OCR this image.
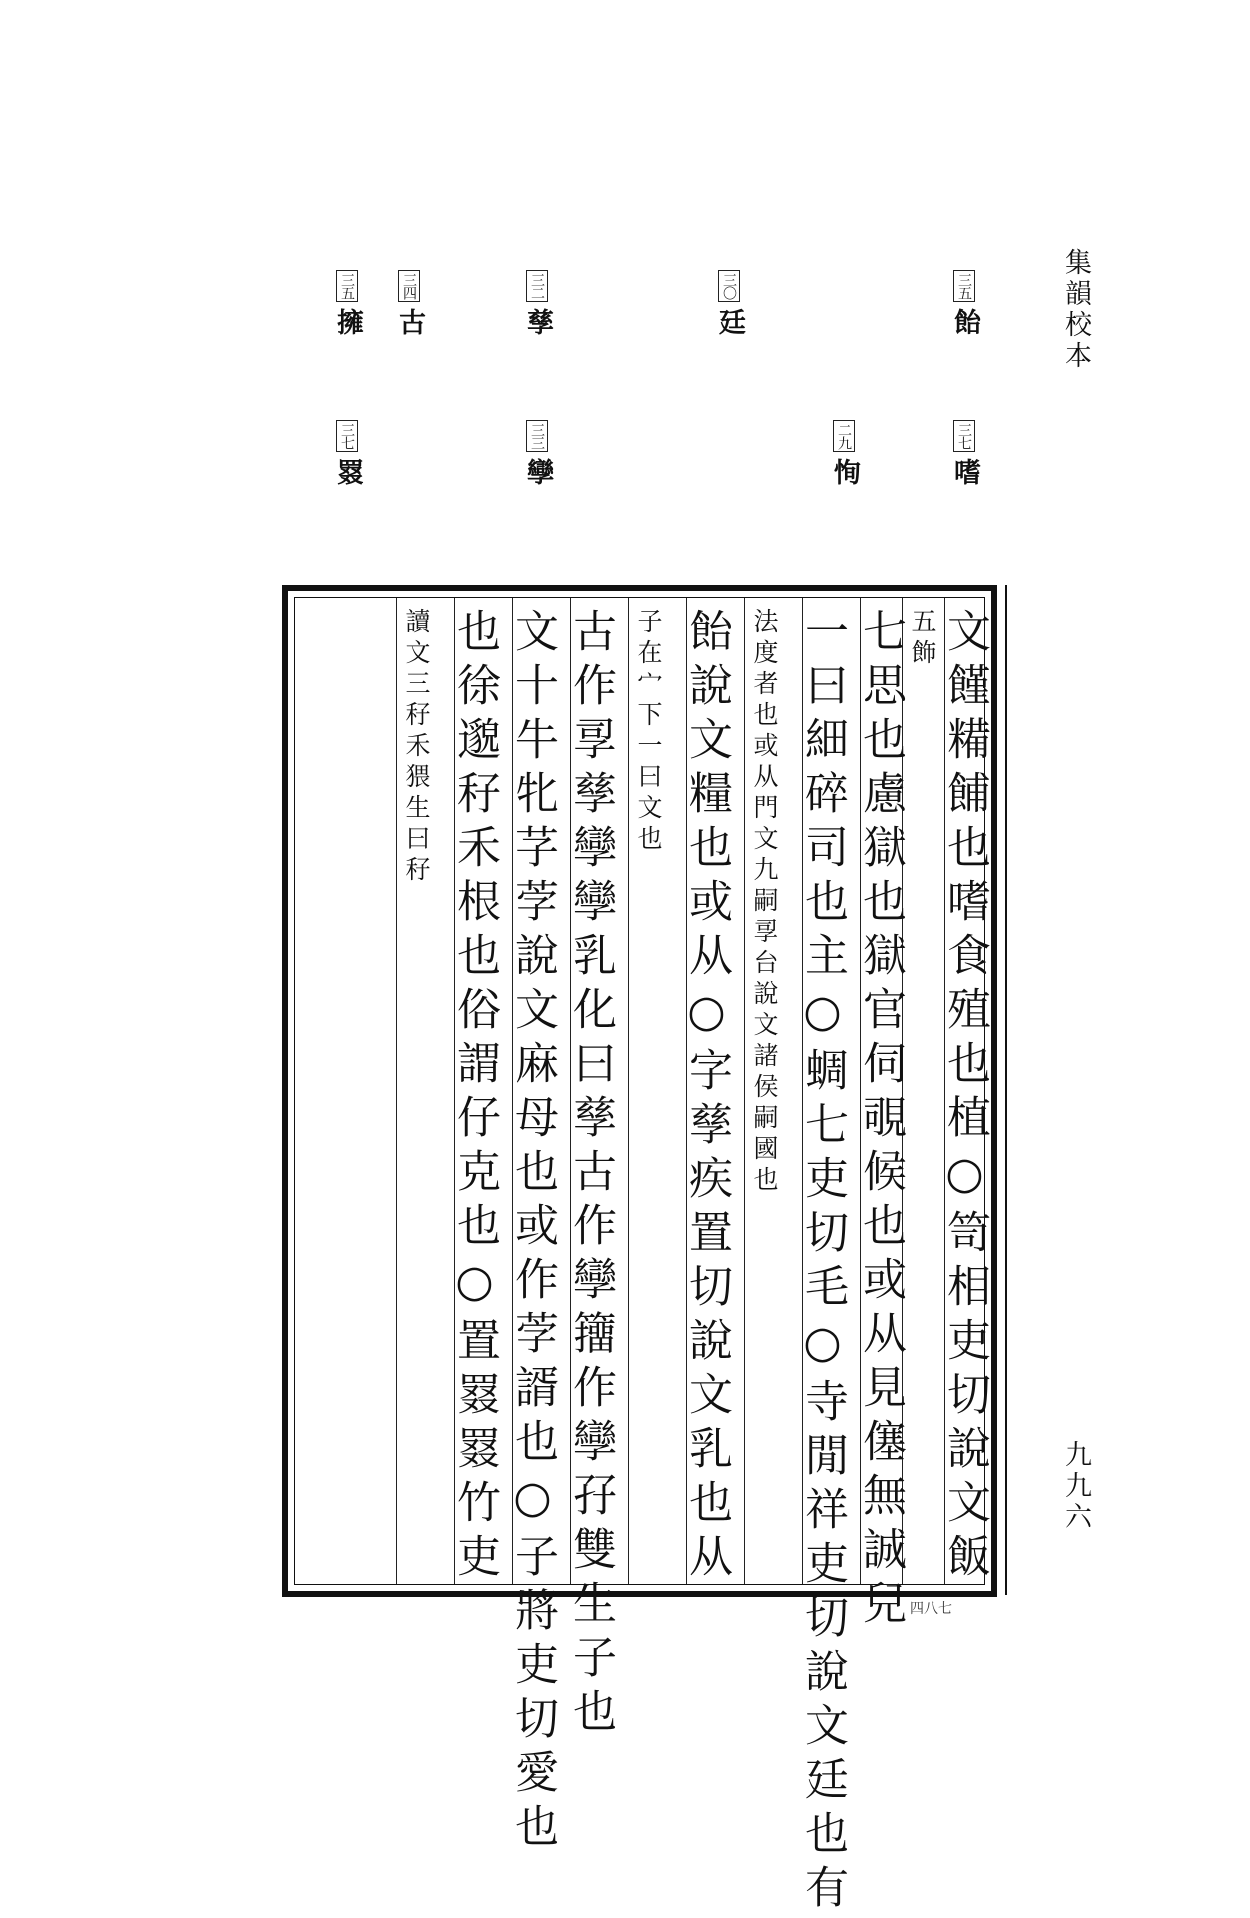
集韻校本
九九六
三五飴
三七嗜
二九恂
三〇廷
三二孳
三三孿
三四古
三五擁
三七罬
文饉糒餔也嗜食殖也植○笥相吏切說文飯
五飾
七思也慮獄也獄官伺覗候也或从見僿無誠兒
一曰細碎司也主○蜩七吏切毛○寺閒祥吏切說文廷也有
法度者也或从門文九嗣孠台說文諸侯嗣國也
飴說文糧也或从○字孳疾置切說文乳也从
子在宀下一曰文也
古作孠孳孿孿乳化曰孳古作孿籒作孿孖雙生子也
文十牛牝芓茡說文麻母也或作茡諝也○子將吏切愛也
也徐邈秄禾根也俗謂仔克也○置罬罬竹吏
讀文三秄禾猥生曰秄
四八七
